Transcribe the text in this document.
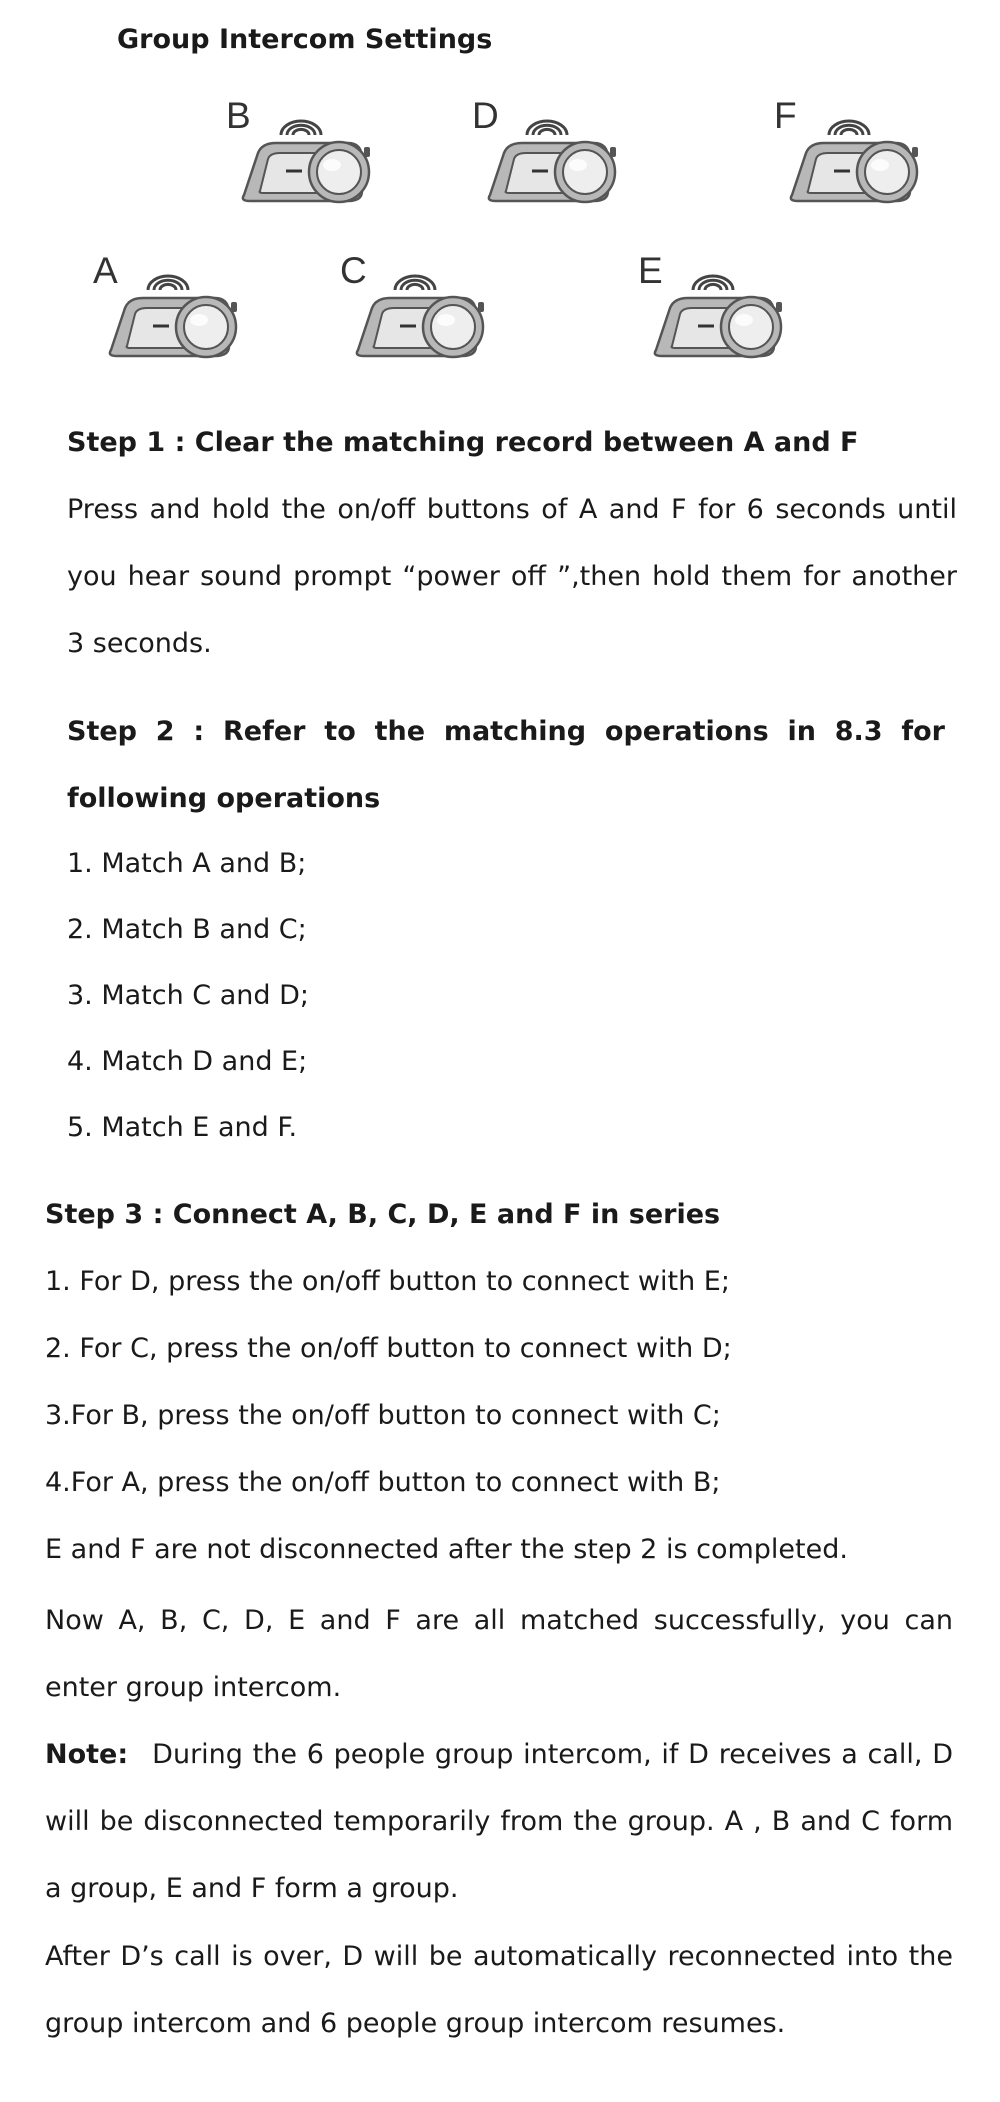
Group Intercom Settings
B	D	F
A	C	E
Step 1 : Clear the matching record between A and F
Press and hold the on/off buttons of A and F for 6 seconds until you hear sound prompt “power off ”,then hold them for another 3 seconds.
Step 2 : Refer to the matching operations in 8.3 for following operations
1. Match A and B;
2. Match B and C;
3. Match C and D;
4. Match D and E;
5. Match E and F.
Step 3 : Connect A, B, C, D, E and F in series
1. For D, press the on/off button to connect with E;
2. For C, press the on/off button to connect with D;
3.For B, press the on/off button to connect with C;
4.For A, press the on/off button to connect with B;
E and F are not disconnected after the step 2 is completed.
Now A, B, C, D, E and F are all matched successfully, you can enter group intercom.
Note: During the 6 people group intercom, if D receives a call, D will be disconnected temporarily from the group. A , B and C form a group, E and F form a group.
After D’s call is over, D will be automatically reconnected into the group intercom and 6 people group intercom resumes.
